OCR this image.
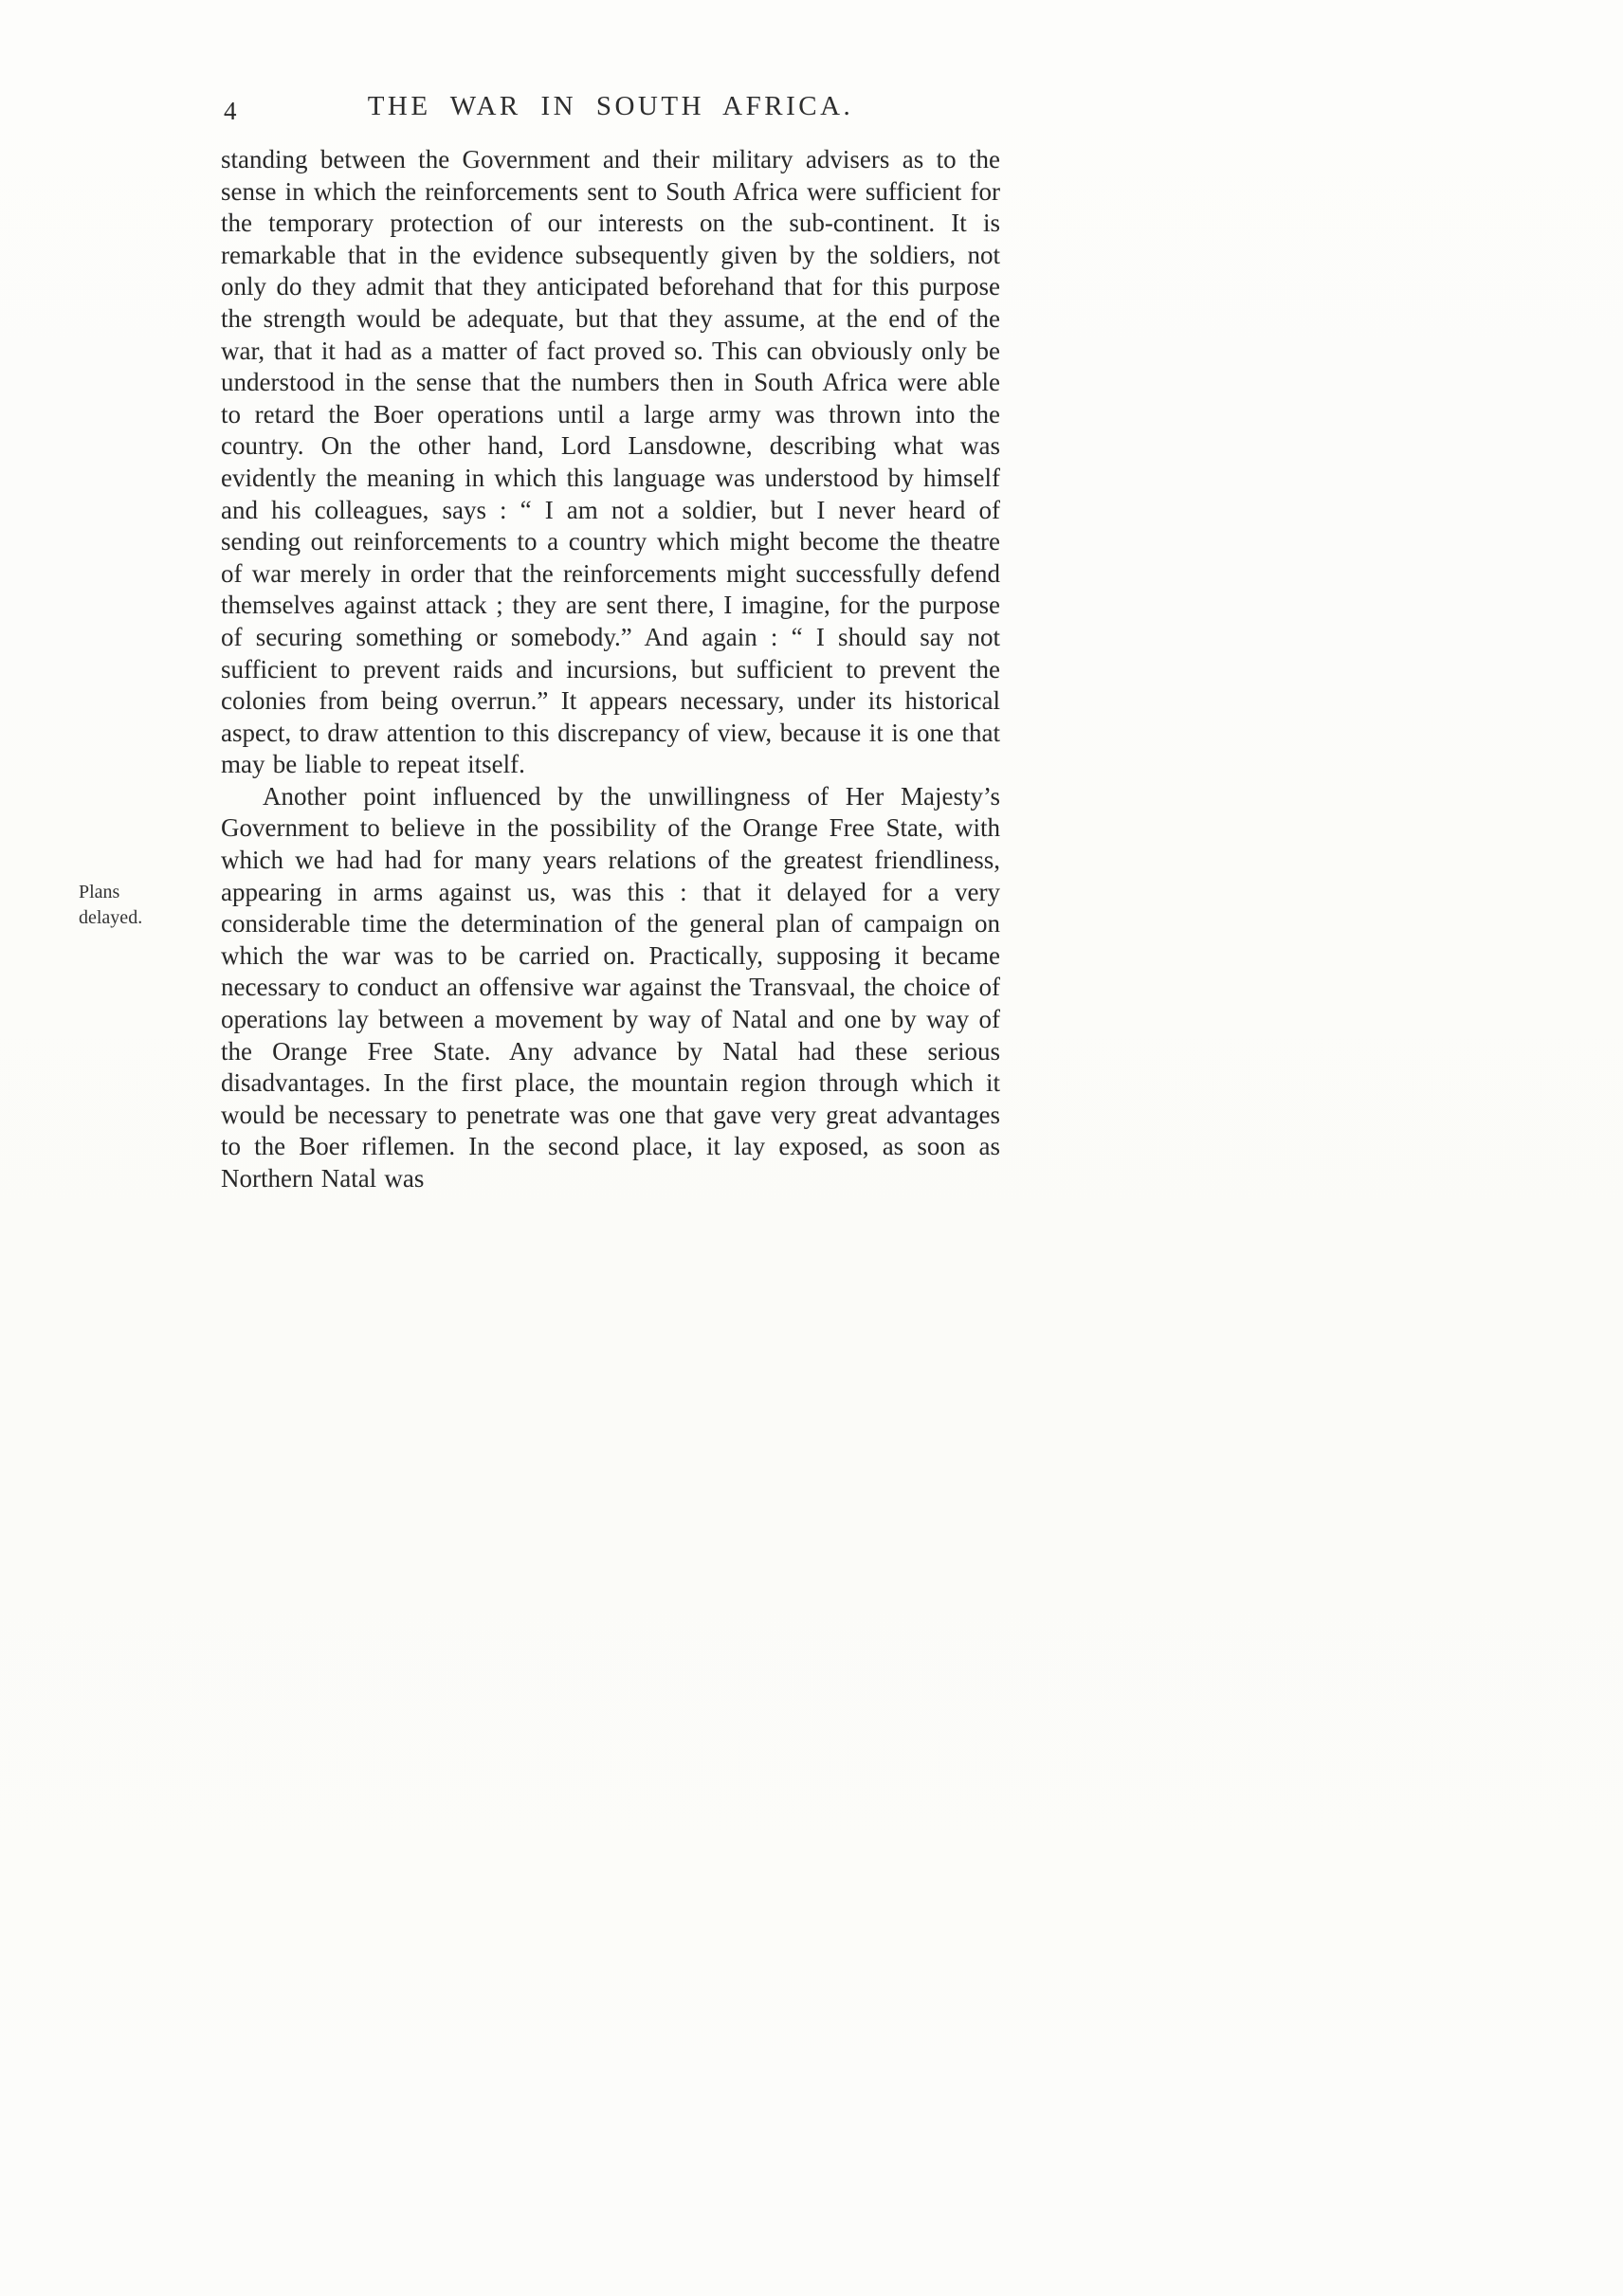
4	THE WAR IN SOUTH AFRICA.
Plans
delayed.

standing between the Government and their military advisers as to the sense in which the reinforcements sent to South Africa were sufficient for the temporary protection of our interests on the sub-continent. It is remarkable that in the evidence subsequently given by the soldiers, not only do they admit that they anticipated beforehand that for this purpose the strength would be adequate, but that they assume, at the end of the war, that it had as a matter of fact proved so. This can obviously only be understood in the sense that the numbers then in South Africa were able to retard the Boer operations until a large army was thrown into the country. On the other hand, Lord Lansdowne, describing what was evidently the meaning in which this language was understood by himself and his colleagues, says : “ I am not a soldier, but I never heard of sending out reinforcements to a country which might become the theatre of war merely in order that the reinforcements might successfully defend themselves against attack ; they are sent there, I imagine, for the purpose of securing something or somebody.” And again : “ I should say not sufficient to prevent raids and incursions, but sufficient to prevent the colonies from being overrun.” It appears necessary, under its historical aspect, to draw attention to this discrepancy of view, because it is one that may be liable to repeat itself.

Another point influenced by the unwillingness of Her Majesty’s Government to believe in the possibility of the Orange Free State, with which we had had for many years relations of the greatest friendliness, appearing in arms against us, was this : that it delayed for a very considerable time the determination of the general plan of campaign on which the war was to be carried on. Practically, supposing it became necessary to conduct an offensive war against the Transvaal, the choice of operations lay between a movement by way of Natal and one by way of the Orange Free State. Any advance by Natal had these serious disadvantages. In the first place, the mountain region through which it would be necessary to penetrate was one that gave very great advantages to the Boer riflemen. In the second place, it lay exposed, as soon as Northern Natal was
